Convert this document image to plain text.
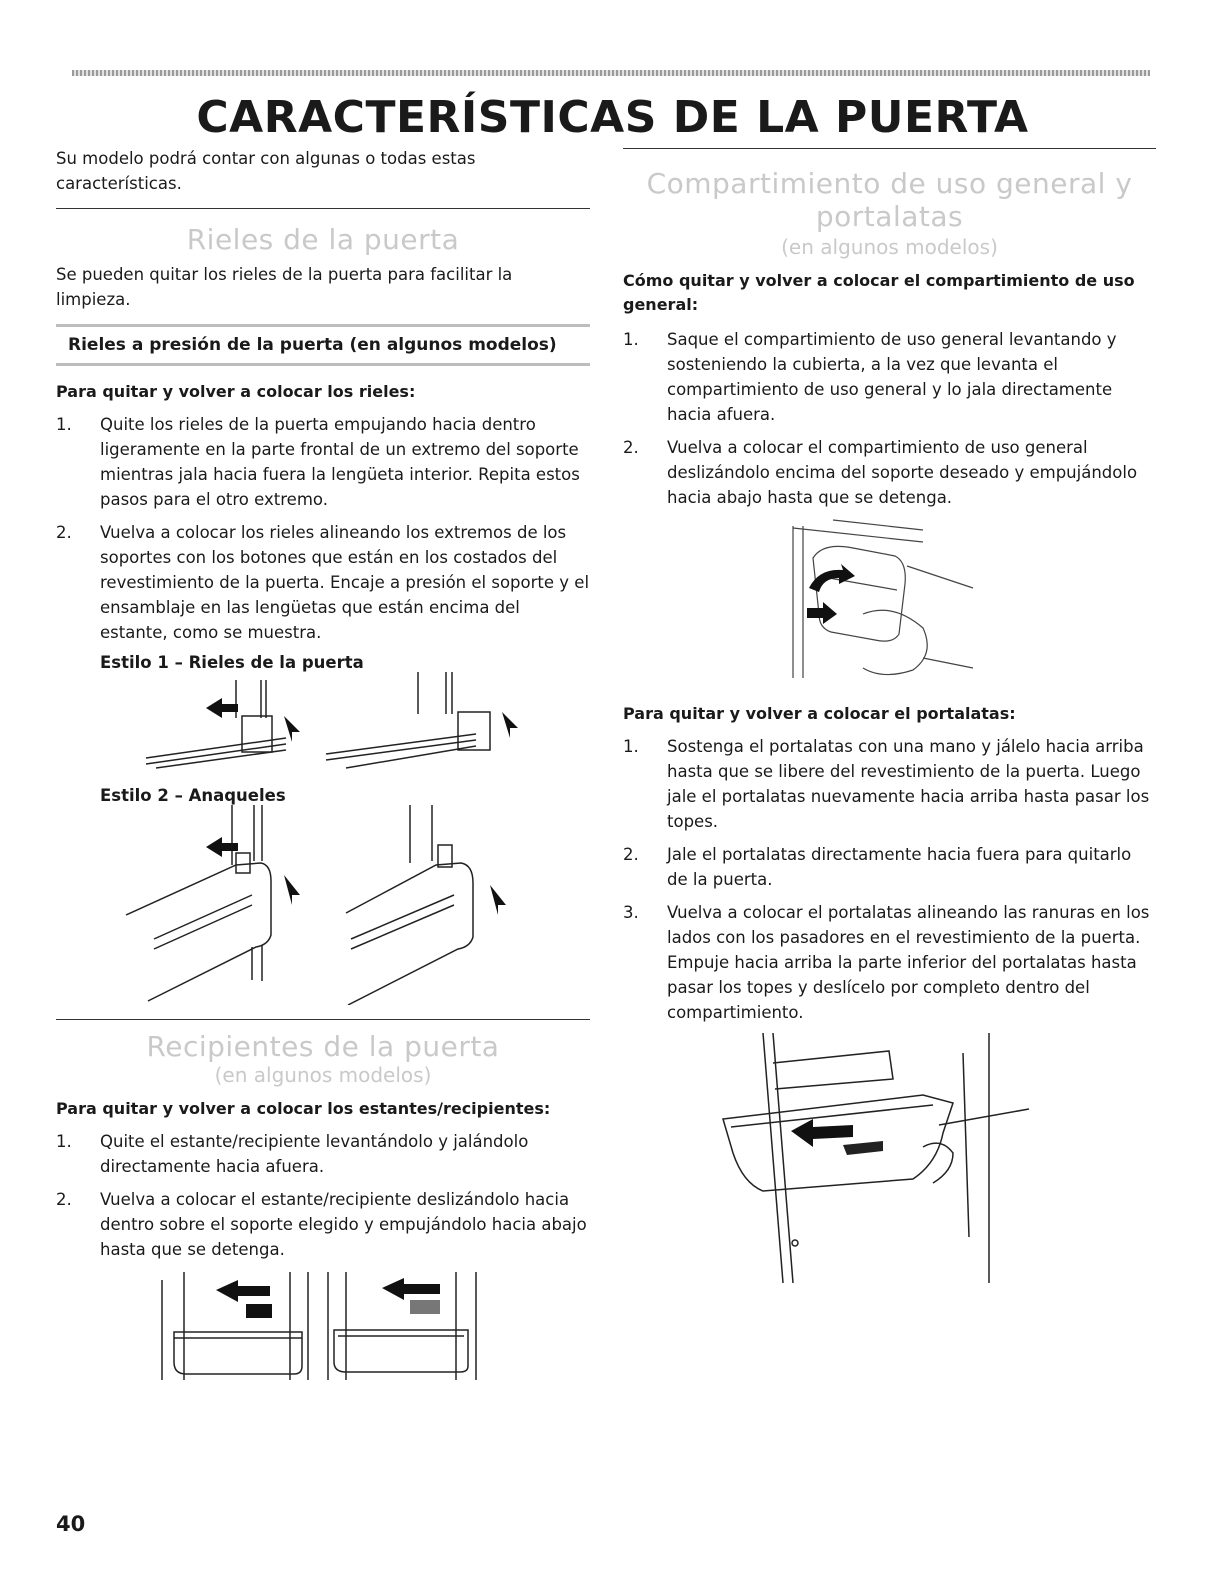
CARACTERÍSTICAS DE LA PUERTA

Su modelo podrá contar con algunas o todas estas características.

Rieles de la puerta

Se pueden quitar los rieles de la puerta para facilitar la limpieza.

Rieles a presión de la puerta (en algunos modelos)
Para quitar y volver a colocar los rieles:
1. Quite los rieles de la puerta empujando hacia dentro ligeramente en la parte frontal de un extremo del soporte mientras jala hacia fuera la lengüeta interior. Repita estos pasos para el otro extremo.
2. Vuelva a colocar los rieles alineando los extremos de los soportes con los botones que están en los costados del revestimiento de la puerta. Encaje a presión el soporte y el ensamblaje en las lengüetas que están encima del estante, como se muestra.
Estilo 1 – Rieles de la puerta
Estilo 2 – Anaqueles
Recipientes de la puerta
(en algunos modelos)
Para quitar y volver a colocar los estantes/recipientes:
1. Quite el estante/recipiente levantándolo y jalándolo directamente hacia afuera.
2. Vuelva a colocar el estante/recipiente deslizándolo hacia dentro sobre el soporte elegido y empujándolo hacia abajo hasta que se detenga.
Compartimiento de uso general y portalatas
(en algunos modelos)
Cómo quitar y volver a colocar el compartimiento de uso general:
1. Saque el compartimiento de uso general levantando y sosteniendo la cubierta, a la vez que levanta el compartimiento de uso general y lo jala directamente hacia afuera.
2. Vuelva a colocar el compartimiento de uso general deslizándolo encima del soporte deseado y empujándolo hacia abajo hasta que se detenga.
Para quitar y volver a colocar el portalatas:
1. Sostenga el portalatas con una mano y jálelo hacia arriba hasta que se libere del revestimiento de la puerta. Luego jale el portalatas nuevamente hacia arriba hasta pasar los topes.
2. Jale el portalatas directamente hacia fuera para quitarlo de la puerta.
3. Vuelva a colocar el portalatas alineando las ranuras en los lados con los pasadores en el revestimiento de la puerta. Empuje hacia arriba la parte inferior del portalatas hasta pasar los topes y deslícelo por completo dentro del compartimiento.
40
